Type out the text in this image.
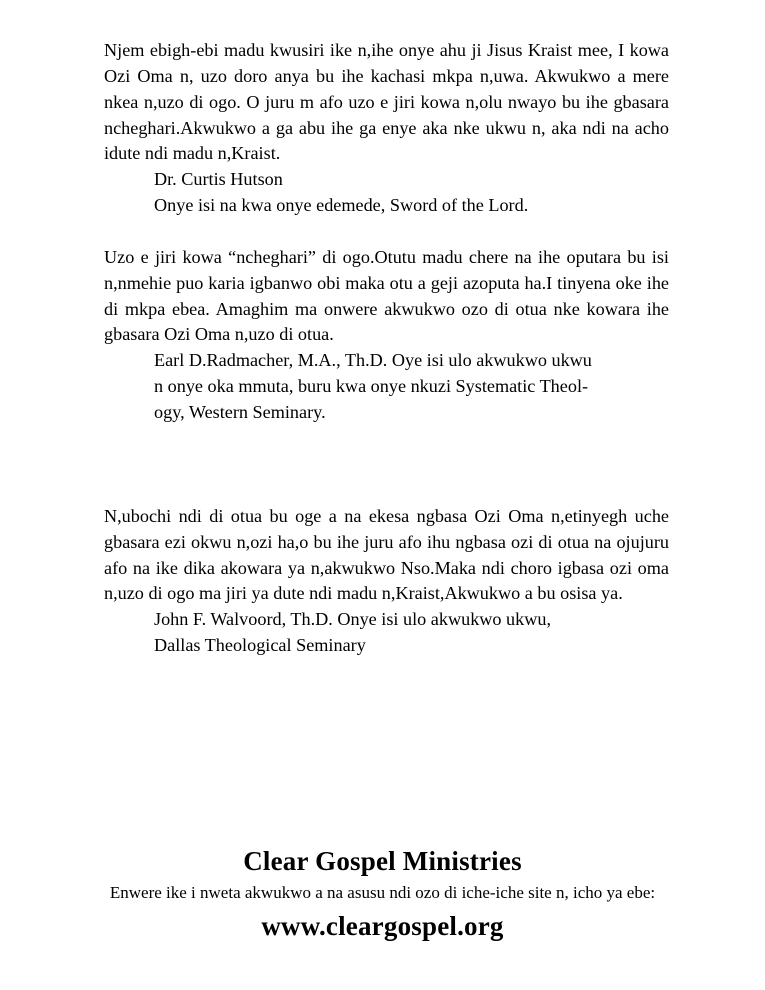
Njem ebigh-ebi madu kwusiri ike n,ihe onye ahu ji Jisus Kraist mee, I kowa Ozi Oma n, uzo doro anya bu ihe kachasi mkpa n,uwa. Akwukwo a mere nkea n,uzo di ogo. O juru m afo uzo e jiri kowa n,olu nwayo bu ihe gbasara ncheghari.Akwukwo a ga abu ihe ga enye aka nke ukwu n, aka ndi na acho idute ndi madu n,Kraist.

Dr. Curtis Hutson

Onye isi na kwa onye edemede, Sword of the Lord.

Uzo e jiri kowa “ncheghari” di ogo.Otutu madu chere na ihe oputara bu isi n,nmehie puo karia igbanwo obi maka otu a geji azoputa ha.I tinyena oke ihe di mkpa ebea. Amaghim ma onwere akwukwo ozo di otua nke kowara ihe gbasara Ozi Oma n,uzo di otua.

Earl D.Radmacher, M.A., Th.D. Oye isi ulo akwukwo ukwu

n onye oka mmuta, buru kwa onye nkuzi Systematic Theol-

ogy, Western Seminary.

N,ubochi ndi di otua bu oge a na ekesa ngbasa Ozi Oma n,etinyegh uche gbasara ezi okwu n,ozi ha,o bu ihe juru afo ihu ngbasa ozi di otua na ojujuru afo na ike dika akowara ya n,akwukwo Nso.Maka ndi choro igbasa ozi oma n,uzo di ogo ma jiri ya dute ndi madu n,Kraist,Akwukwo a bu osisa ya.

John F. Walvoord, Th.D. Onye isi ulo akwukwo ukwu,

Dallas Theological Seminary

Clear Gospel Ministries

Enwere ike i nweta akwukwo a na asusu ndi ozo di iche-iche site n, icho ya ebe:

www.cleargospel.org
